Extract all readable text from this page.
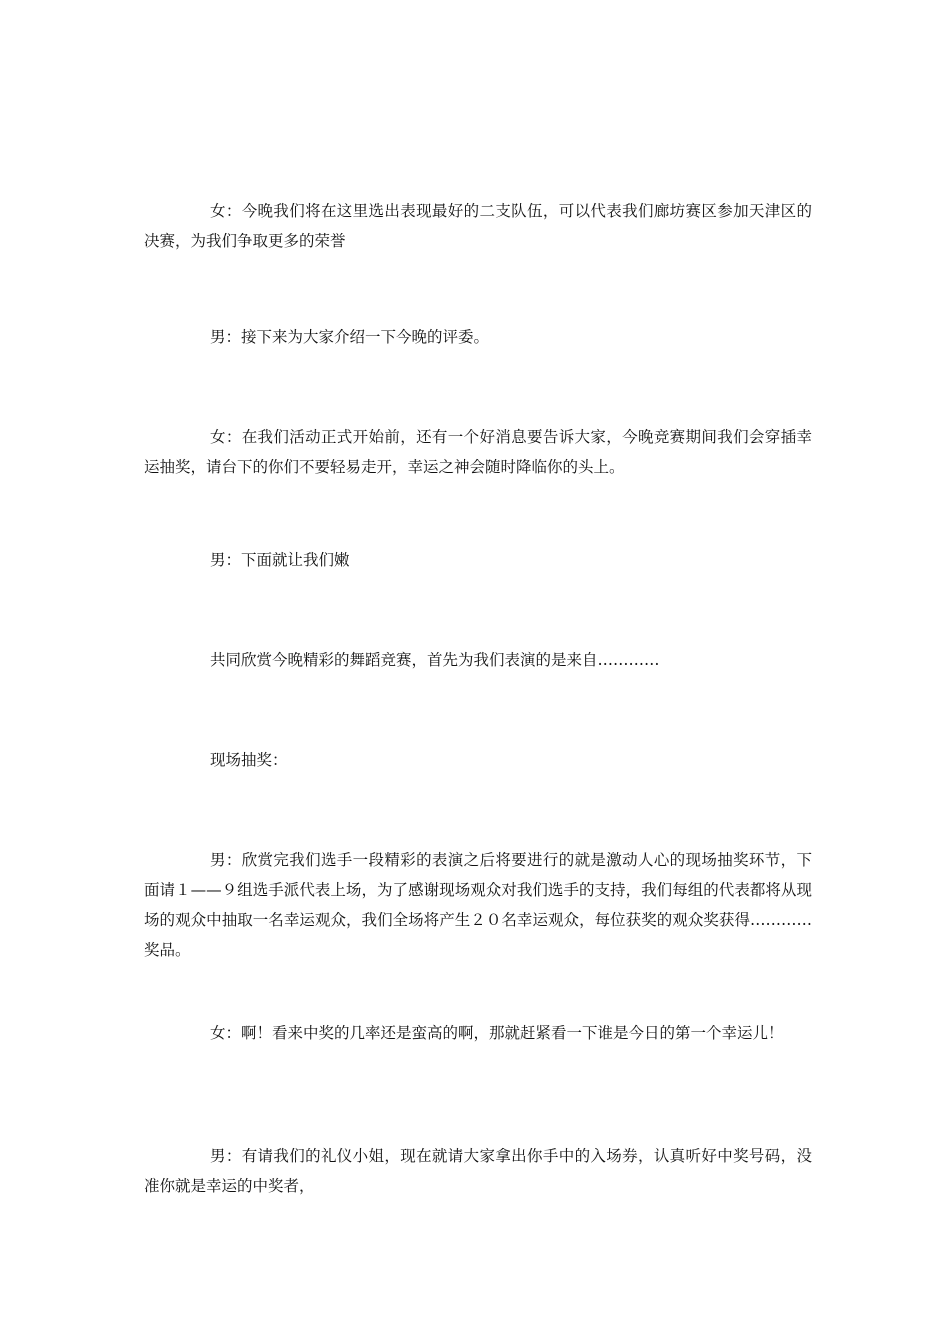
女：今晚我们将在这里选出表现最好的二支队伍，可以代表我们廊坊赛区参加天津区的决赛，为我们争取更多的荣誉

男：接下来为大家介绍一下今晚的评委。

女：在我们活动正式开始前，还有一个好消息要告诉大家，今晚竞赛期间我们会穿插幸运抽奖，请台下的你们不要轻易走开，幸运之神会随时降临你的头上。

男：下面就让我们嫩

共同欣赏今晚精彩的舞蹈竞赛，首先为我们表演的是来自…………

现场抽奖：

男：欣赏完我们选手一段精彩的表演之后将要进行的就是激动人心的现场抽奖环节，下面请１——９组选手派代表上场，为了感谢现场观众对我们选手的支持，我们每组的代表都将从现场的观众中抽取一名幸运观众，我们全场将产生２０名幸运观众，每位获奖的观众奖获得…………奖品。

女：啊！看来中奖的几率还是蛮高的啊，那就赶紧看一下谁是今日的第一个幸运儿！

男：有请我们的礼仪小姐，现在就请大家拿出你手中的入场券，认真听好中奖号码，没准你就是幸运的中奖者，
